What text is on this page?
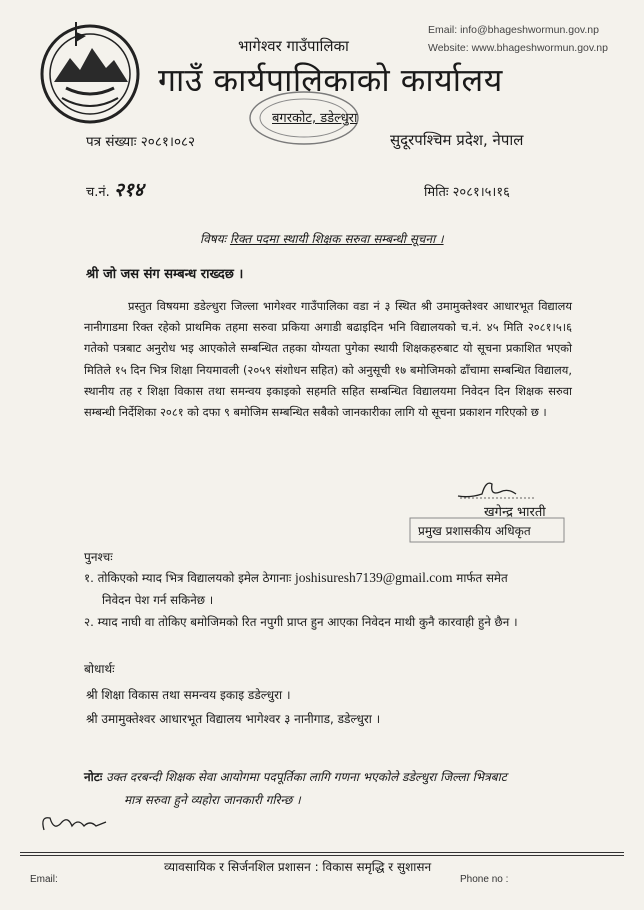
Email: info@bhageshwormun.gov.np
Website: www.bhageshwormun.gov.np
भागेश्वर गाउँपालिका
गाउँ कार्यपालिकाको कार्यालय
बगरकोट, डडेल्धुरा
पत्र संख्याः २०८१।०८२	सुदूरपश्चिम प्रदेश, नेपाल
च.नं. २१४	मितिः २०८१।५।१६
विषयः रिक्त पदमा स्थायी शिक्षक सरुवा सम्बन्धी सूचना ।
श्री जो जस संग सम्बन्ध राख्दछ ।

प्रस्तुत विषयमा डडेल्धुरा जिल्ला भागेश्वर गाउँपालिका वडा नं ३ स्थित श्री उमामुक्तेश्वर आधारभूत विद्यालय नानीगाडमा रिक्त रहेको प्राथमिक तहमा सरुवा प्रकिया अगाडी बढाइदिन भनि विद्यालयको च.नं. ४५ मिति २०८१।५।६ गतेको पत्रबाट अनुरोध भइ आएकोले सम्बन्धित तहका योग्यता पुगेका स्थायी शिक्षकहरुबाट यो सूचना प्रकाशित भएको मितिले १५ दिन भित्र शिक्षा नियमावली (२०५९ संशोधन सहित) को अनुसूची १७ बमोजिमको ढाँचामा सम्बन्धित विद्यालय, स्थानीय तह र शिक्षा विकास तथा समन्वय इकाइको सहमति सहित सम्बन्धित विद्यालयमा निवेदन दिन शिक्षक सरुवा सम्बन्धी निर्देशिका २०८१ को दफा ९ बमोजिम सम्बन्धित सबैको जानकारीका लागि यो सूचना प्रकाशन गरिएको छ ।

खगेन्द्र भारती
प्रमुख प्रशासकीय अधिकृत
पुनश्चः
१. तोकिएको म्याद भित्र विद्यालयको इमेल ठेगानाः joshisuresh7139@gmail.com मार्फत समेत
निवेदन पेश गर्न सकिनेछ ।
२. म्याद नाघी वा तोकिए बमोजिमको रित नपुगी प्राप्त हुन आएका निवेदन माथी कुनै कारवाही हुने छैन ।
बोधार्थः
श्री शिक्षा विकास तथा समन्वय इकाइ डडेल्धुरा ।
श्री उमामुक्तेश्वर आधारभूत विद्यालय भागेश्वर ३ नानीगाड, डडेल्धुरा ।
नोटः उक्त दरबन्दी शिक्षक सेवा आयोगमा पदपूर्तिका लागि गणना भएकोले डडेल्धुरा जिल्ला भित्रबाट
मात्र सरुवा हुने व्यहोरा जानकारी गरिन्छ ।
व्यावसायिक र सिर्जनशिल प्रशासन : विकास समृद्धि र सुशासन
Email:	Phone no :
